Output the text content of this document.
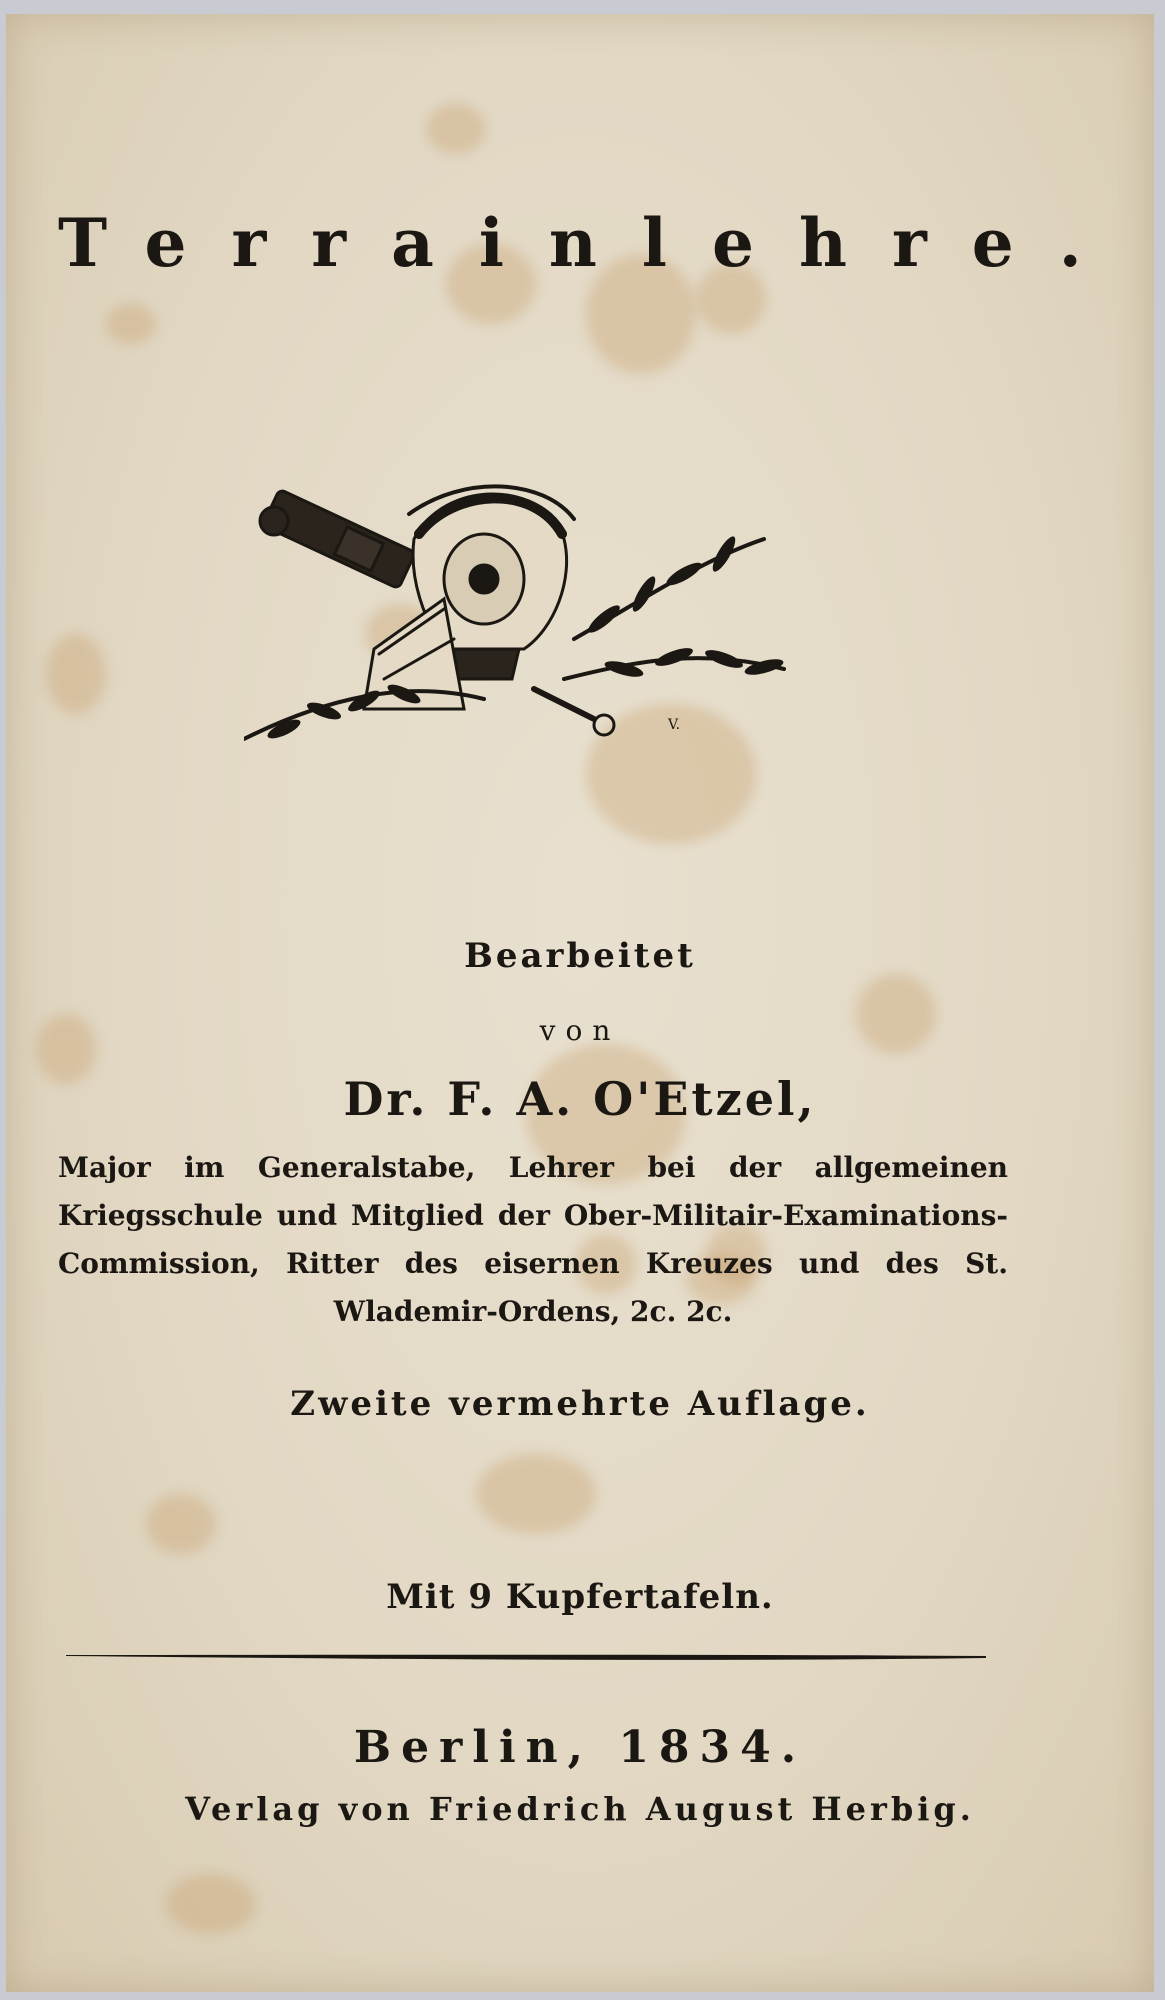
Terrainlehre.
V.
Bearbeitet
von
Dr. F. A. O'Etzel,
Major im Generalstabe, Lehrer bei der allgemeinen Kriegsschule und Mitglied der Ober-Militair-Examinations-Commission, Ritter des eisernen Kreuzes und des St. Wlademir-Ordens, 2c. 2c.
Zweite vermehrte Auflage.
Mit 9 Kupfertafeln.
Berlin, 1834.
Verlag von Friedrich August Herbig.
